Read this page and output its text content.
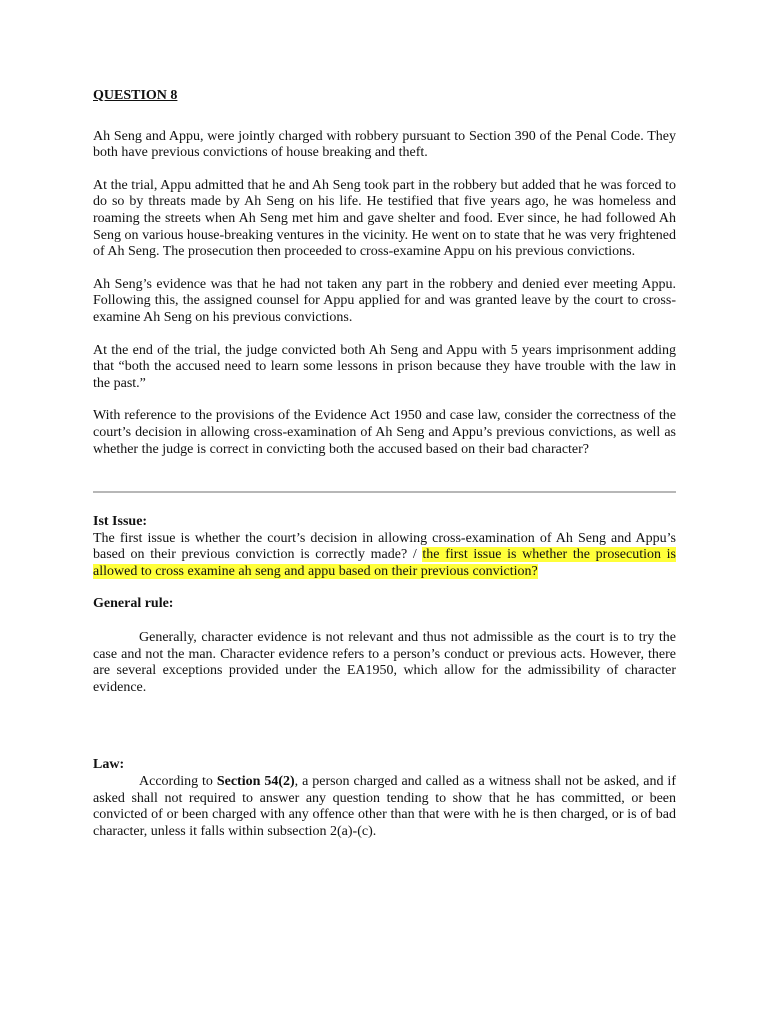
QUESTION 8

Ah Seng and Appu, were jointly charged with robbery pursuant to Section 390 of the Penal Code. They both have previous convictions of house breaking and theft.

At the trial, Appu admitted that he and Ah Seng took part in the robbery but added that he was forced to do so by threats made by Ah Seng on his life. He testified that five years ago, he was homeless and roaming the streets when Ah Seng met him and gave shelter and food. Ever since, he had followed Ah Seng on various house-breaking ventures in the vicinity. He went on to state that he was very frightened of Ah Seng. The prosecution then proceeded to cross-examine Appu on his previous convictions.

Ah Seng’s evidence was that he had not taken any part in the robbery and denied ever meeting Appu. Following this, the assigned counsel for Appu applied for and was granted leave by the court to cross-examine Ah Seng on his previous convictions.

At the end of the trial, the judge convicted both Ah Seng and Appu with 5 years imprisonment adding that “both the accused need to learn some lessons in prison because they have trouble with the law in the past.”

With reference to the provisions of the Evidence Act 1950 and case law, consider the correctness of the court’s decision in allowing cross-examination of Ah Seng and Appu’s previous convictions, as well as whether the judge is correct in convicting both the accused based on their bad character?

Ist Issue:

The first issue is whether the court’s decision in allowing cross-examination of Ah Seng and Appu’s based on their previous conviction is correctly made? / the first issue is whether the prosecution is allowed to cross examine ah seng and appu based on their previous conviction?

General rule:

Generally, character evidence is not relevant and thus not admissible as the court is to try the case and not the man. Character evidence refers to a person’s conduct or previous acts. However, there are several exceptions provided under the EA1950, which allow for the admissibility of character evidence.

Law:

According to Section 54(2), a person charged and called as a witness shall not be asked, and if asked shall not required to answer any question tending to show that he has committed, or been convicted of or been charged with any offence other than that were with he is then charged, or is of bad character, unless it falls within subsection 2(a)-(c).
